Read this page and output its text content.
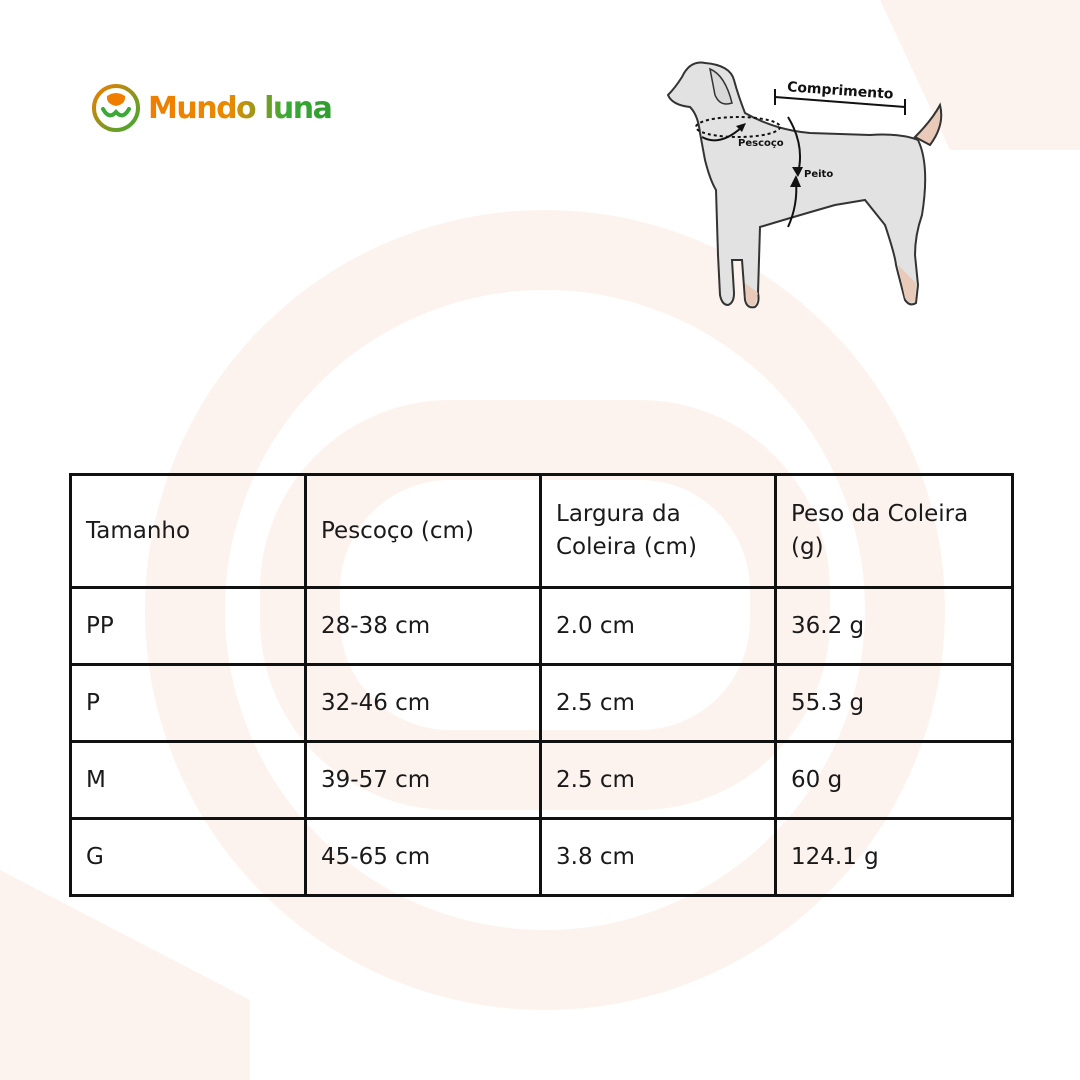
Mundo luna	Comprimento
Pescoço
Peito
Tamanho	Pescoço (cm)	Largura da Coleira (cm)	Peso da Coleira (g)
PP	28-38 cm	2.0 cm	36.2 g
P	32-46 cm	2.5 cm	55.3 g
M	39-57 cm	2.5 cm	60 g
G	45-65 cm	3.8 cm	124.1 g
